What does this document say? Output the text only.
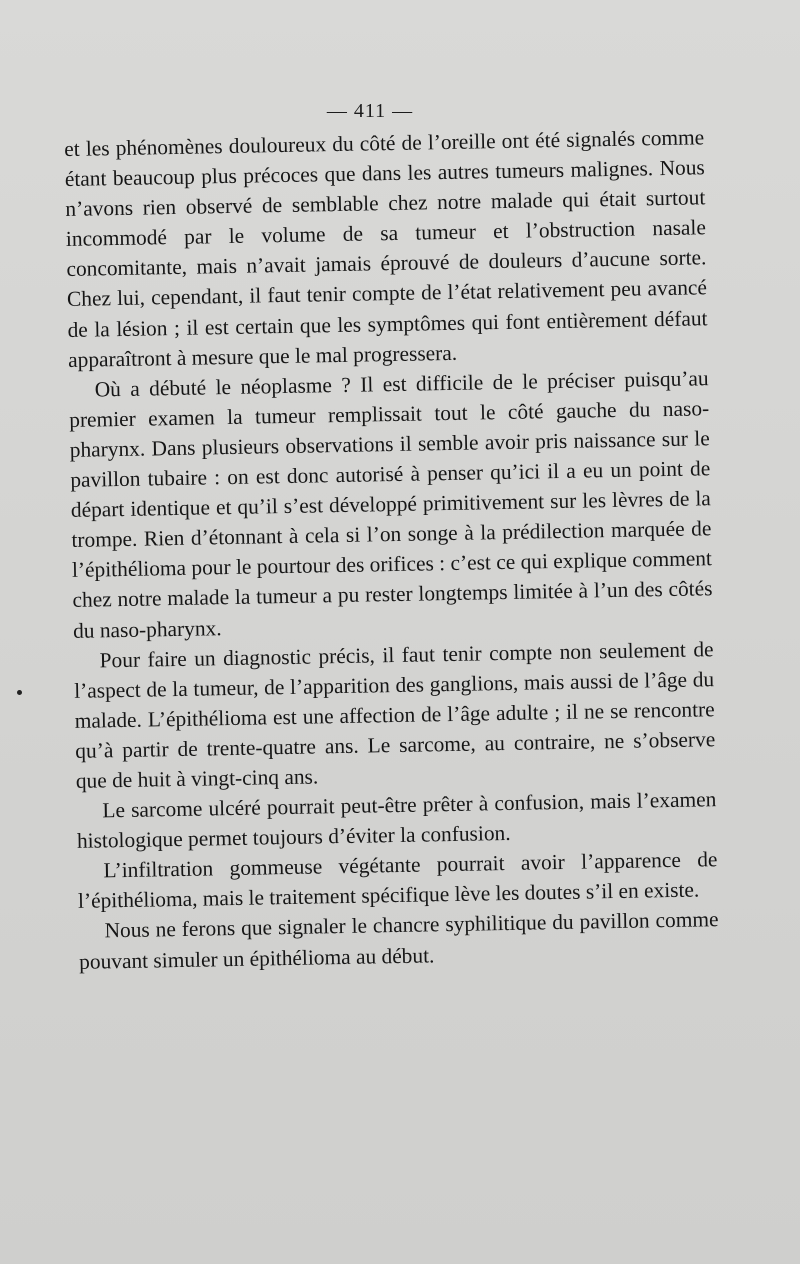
— 411 —

et les phénomènes douloureux du côté de l’oreille ont été signalés comme étant beaucoup plus précoces que dans les autres tumeurs malignes. Nous n’avons rien observé de semblable chez notre malade qui était surtout incommodé par le volume de sa tumeur et l’obstruction nasale concomitante, mais n’avait jamais éprouvé de douleurs d’aucune sorte. Chez lui, cependant, il faut tenir compte de l’état relativement peu avancé de la lésion ; il est certain que les symptômes qui font entièrement défaut apparaîtront à mesure que le mal progressera.

Où a débuté le néoplasme ? Il est difficile de le préciser puisqu’au premier examen la tumeur remplissait tout le côté gauche du naso-pharynx. Dans plusieurs observations il semble avoir pris naissance sur le pavillon tubaire : on est donc autorisé à penser qu’ici il a eu un point de départ identique et qu’il s’est développé primitivement sur les lèvres de la trompe. Rien d’étonnant à cela si l’on songe à la prédilection marquée de l’épithélioma pour le pourtour des orifices : c’est ce qui explique comment chez notre malade la tumeur a pu rester longtemps limitée à l’un des côtés du naso-pharynx.

Pour faire un diagnostic précis, il faut tenir compte non seulement de l’aspect de la tumeur, de l’apparition des ganglions, mais aussi de l’âge du malade. L’épithélioma est une affection de l’âge adulte ; il ne se rencontre qu’à partir de trente-quatre ans. Le sarcome, au contraire, ne s’observe que de huit à vingt-cinq ans.

Le sarcome ulcéré pourrait peut-être prêter à confusion, mais l’examen histologique permet toujours d’éviter la confusion.

L’infiltration gommeuse végétante pourrait avoir l’apparence de l’épithélioma, mais le traitement spécifique lève les doutes s’il en existe.

Nous ne ferons que signaler le chancre syphilitique du pavillon comme pouvant simuler un épithélioma au début.
